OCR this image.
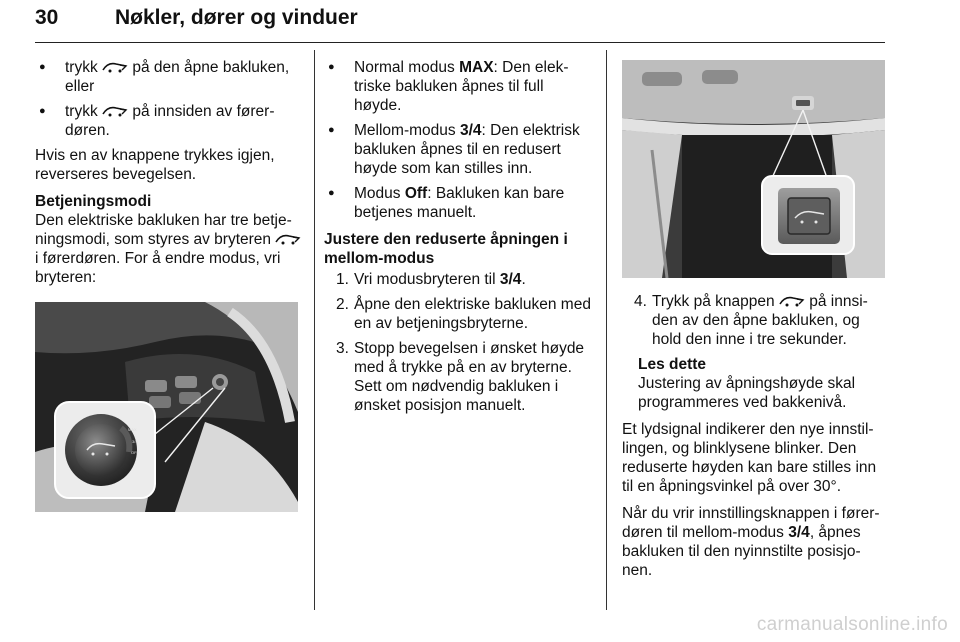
30	Nøkler, dører og vinduer
● trykk  på den åpne bakluken, eller
● trykk  på innsiden av fører-døren.

Hvis en av knappene trykkes igjen, reverseres bevegelsen.

Betjeningsmodi

Den elektriske bakluken har tre betje-ningsmodi, som styres av bryteren  i førerdøren. For å endre modus, vri bryteren:

MAX
3/4
OFF
● Normal modus MAX: Den elek-triske bakluken åpnes til full høyde.
● Mellom-modus 3/4: Den elektrisk bakluken åpnes til en redusert høyde som kan stilles inn.
● Modus Off: Bakluken kan bare betjenes manuelt.

Justere den reduserte åpningen i mellom-modus

1. Vri modusbryteren til 3/4.
2. Åpne den elektriske bakluken med en av betjeningsbryterne.
3. Stopp bevegelsen i ønsket høyde med å trykke på en av bryterne. Sett om nødvendig bakluken i ønsket posisjon manuelt.
4. Trykk på knappen  på innsi-den av den åpne bakluken, og hold den inne i tre sekunder.
Les dette
Justering av åpningshøyde skal programmeres ved bakkenivå.

Et lydsignal indikerer den nye innstil-lingen, og blinklysene blinker. Den reduserte høyden kan bare stilles inn til en åpningsvinkel på over 30°.

Når du vrir innstillingsknappen i fører-døren til mellom-modus 3/4, åpnes bakluken til den nyinnstilte posisjo-nen.

carmanualsonline.info
